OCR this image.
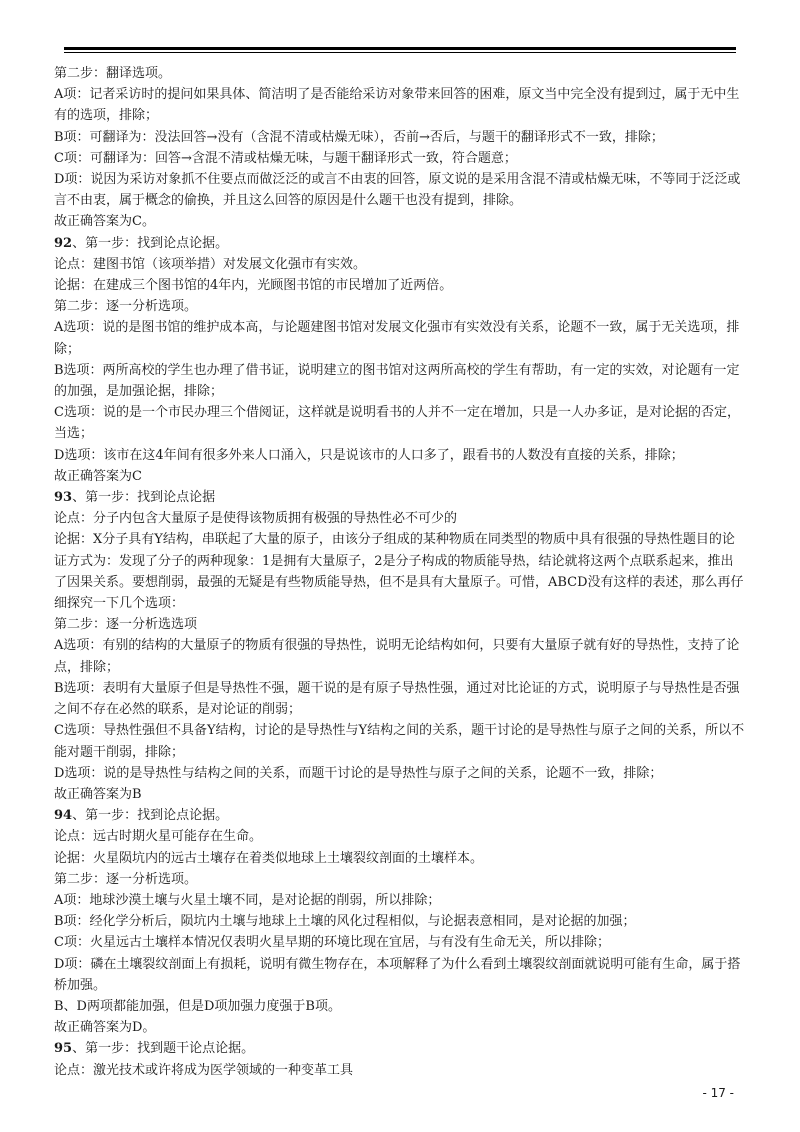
第二步：翻译选项。

A项：记者采访时的提问如果具体、简洁明了是否能给采访对象带来回答的困难，原文当中完全没有提到过，属于无中生有的选项，排除；

B项：可翻译为：没法回答→没有（含混不清或枯燥无味），否前→否后，与题干的翻译形式不一致，排除；

C项：可翻译为：回答→含混不清或枯燥无味，与题干翻译形式一致，符合题意；

D项：说因为采访对象抓不住要点而做泛泛的或言不由衷的回答，原文说的是采用含混不清或枯燥无味，不等同于泛泛或言不由衷，属于概念的偷换，并且这么回答的原因是什么题干也没有提到，排除。

故正确答案为C。

92、第一步：找到论点论据。

论点：建图书馆（该项举措）对发展文化强市有实效。

论据：在建成三个图书馆的4年内，光顾图书馆的市民增加了近两倍。

第二步：逐一分析选项。

A选项：说的是图书馆的维护成本高，与论题建图书馆对发展文化强市有实效没有关系，论题不一致，属于无关选项，排除；

B选项：两所高校的学生也办理了借书证，说明建立的图书馆对这两所高校的学生有帮助，有一定的实效，对论题有一定的加强，是加强论据，排除；

C选项：说的是一个市民办理三个借阅证，这样就是说明看书的人并不一定在增加，只是一人办多证，是对论据的否定，当选；

D选项：该市在这4年间有很多外来人口涌入，只是说该市的人口多了，跟看书的人数没有直接的关系，排除；

故正确答案为C

93、第一步：找到论点论据

论点：分子内包含大量原子是使得该物质拥有极强的导热性必不可少的

论据：X分子具有Y结构，串联起了大量的原子，由该分子组成的某种物质在同类型的物质中具有很强的导热性题目的论证方式为：发现了分子的两种现象：1是拥有大量原子，2是分子构成的物质能导热，结论就将这两个点联系起来，推出了因果关系。要想削弱，最强的无疑是有些物质能导热，但不是具有大量原子。可惜，ABCD没有这样的表述，那么再仔细探究一下几个选项：

第二步：逐一分析选选项

A选项：有别的结构的大量原子的物质有很强的导热性，说明无论结构如何，只要有大量原子就有好的导热性，支持了论点，排除；

B选项：表明有大量原子但是导热性不强，题干说的是有原子导热性强，通过对比论证的方式，说明原子与导热性是否强之间不存在必然的联系，是对论证的削弱；

C选项：导热性强但不具备Y结构，讨论的是导热性与Y结构之间的关系，题干讨论的是导热性与原子之间的关系，所以不能对题干削弱，排除；

D选项：说的是导热性与结构之间的关系，而题干讨论的是导热性与原子之间的关系，论题不一致，排除；

故正确答案为B

94、第一步：找到论点论据。

论点：远古时期火星可能存在生命。

论据：火星陨坑内的远古土壤存在着类似地球上土壤裂纹剖面的土壤样本。

第二步：逐一分析选项。

A项：地球沙漠土壤与火星土壤不同，是对论据的削弱，所以排除；

B项：经化学分析后，陨坑内土壤与地球上土壤的风化过程相似，与论据表意相同，是对论据的加强；

C项：火星远古土壤样本情况仅表明火星早期的环境比现在宜居，与有没有生命无关，所以排除；

D项：磷在土壤裂纹剖面上有损耗，说明有微生物存在，本项解释了为什么看到土壤裂纹剖面就说明可能有生命，属于搭桥加强。

B、D两项都能加强，但是D项加强力度强于B项。

故正确答案为D。

95、第一步：找到题干论点论据。

论点：激光技术或许将成为医学领域的一种变革工具

- 17 -
